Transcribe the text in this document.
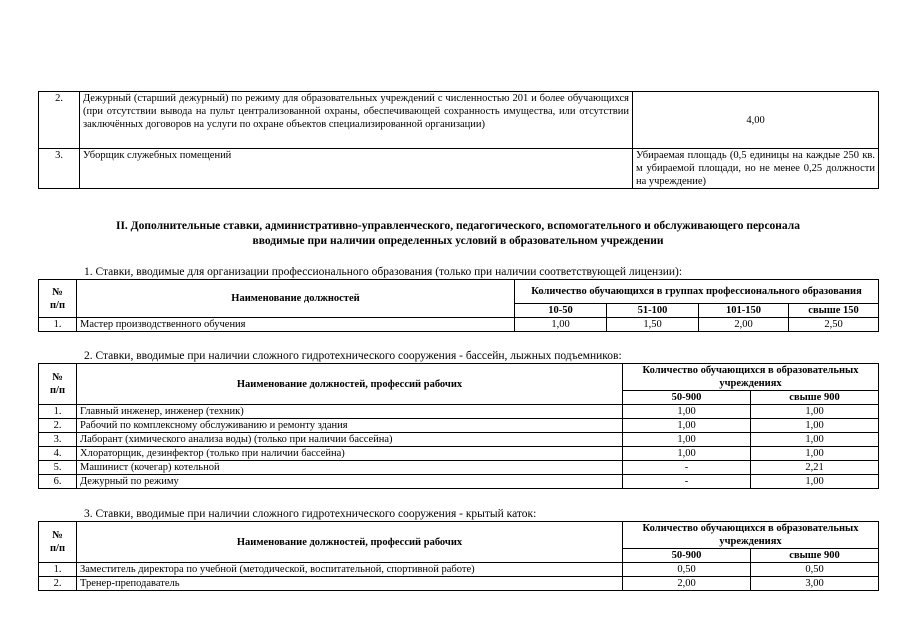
2.	Дежурный (старший дежурный) по режиму для образовательных учреждений с численностью 201 и более обучающихся (при отсутствии вывода на пульт централизованной охраны, обеспечивающей сохранность имущества, или отсутствии заключённых договоров на услуги по охране объектов специализированной организации)	4,00
3.	Уборщик служебных помещений	Убираемая площадь (0,5 единицы на каждые 250 кв. м убираемой площади, но не менее 0,25 должности на учреждение)
II. Дополнительные ставки, административно-управленческого, педагогического, вспомогательного и обслуживающего персонала
вводимые при наличии определенных условий в образовательном учреждении
1. Ставки, вводимые для организации профессионального образования (только при наличии соответствующей лицензии):
№
п/п	Наименование должностей	Количество обучающихся в группах профессионального образования			
		10-50	51-100	101-150	свыше 150
1.	Мастер производственного обучения	1,00	1,50	2,00	2,50
2. Ставки, вводимые при наличии сложного гидротехнического сооружения - бассейн, лыжных подъемников:
№
п/п	Наименование должностей, профессий рабочих	Количество обучающихся в образовательных учреждениях	
		50-900	свыше 900

1.	Главный инженер, инженер (техник)	1,00	1,00
2.	Рабочий по комплексному обслуживанию и ремонту здания	1,00	1,00
3.	Лаборант (химического анализа воды) (только при наличии бассейна)	1,00	1,00
4.	Хлораторщик, дезинфектор (только при наличии бассейна)	1,00	1,00
5.	Машинист (кочегар) котельной	-	2,21
6.	Дежурный по режиму	-	1,00
3. Ставки, вводимые при наличии сложного гидротехнического сооружения - крытый каток:
№
п/п	Наименование должностей, профессий рабочих	Количество обучающихся в образовательных учреждениях	
		50-900	свыше 900

1.	Заместитель директора по учебной (методической, воспитательной, спортивной работе)	0,50	0,50
2.	Тренер-преподаватель	2,00	3,00
